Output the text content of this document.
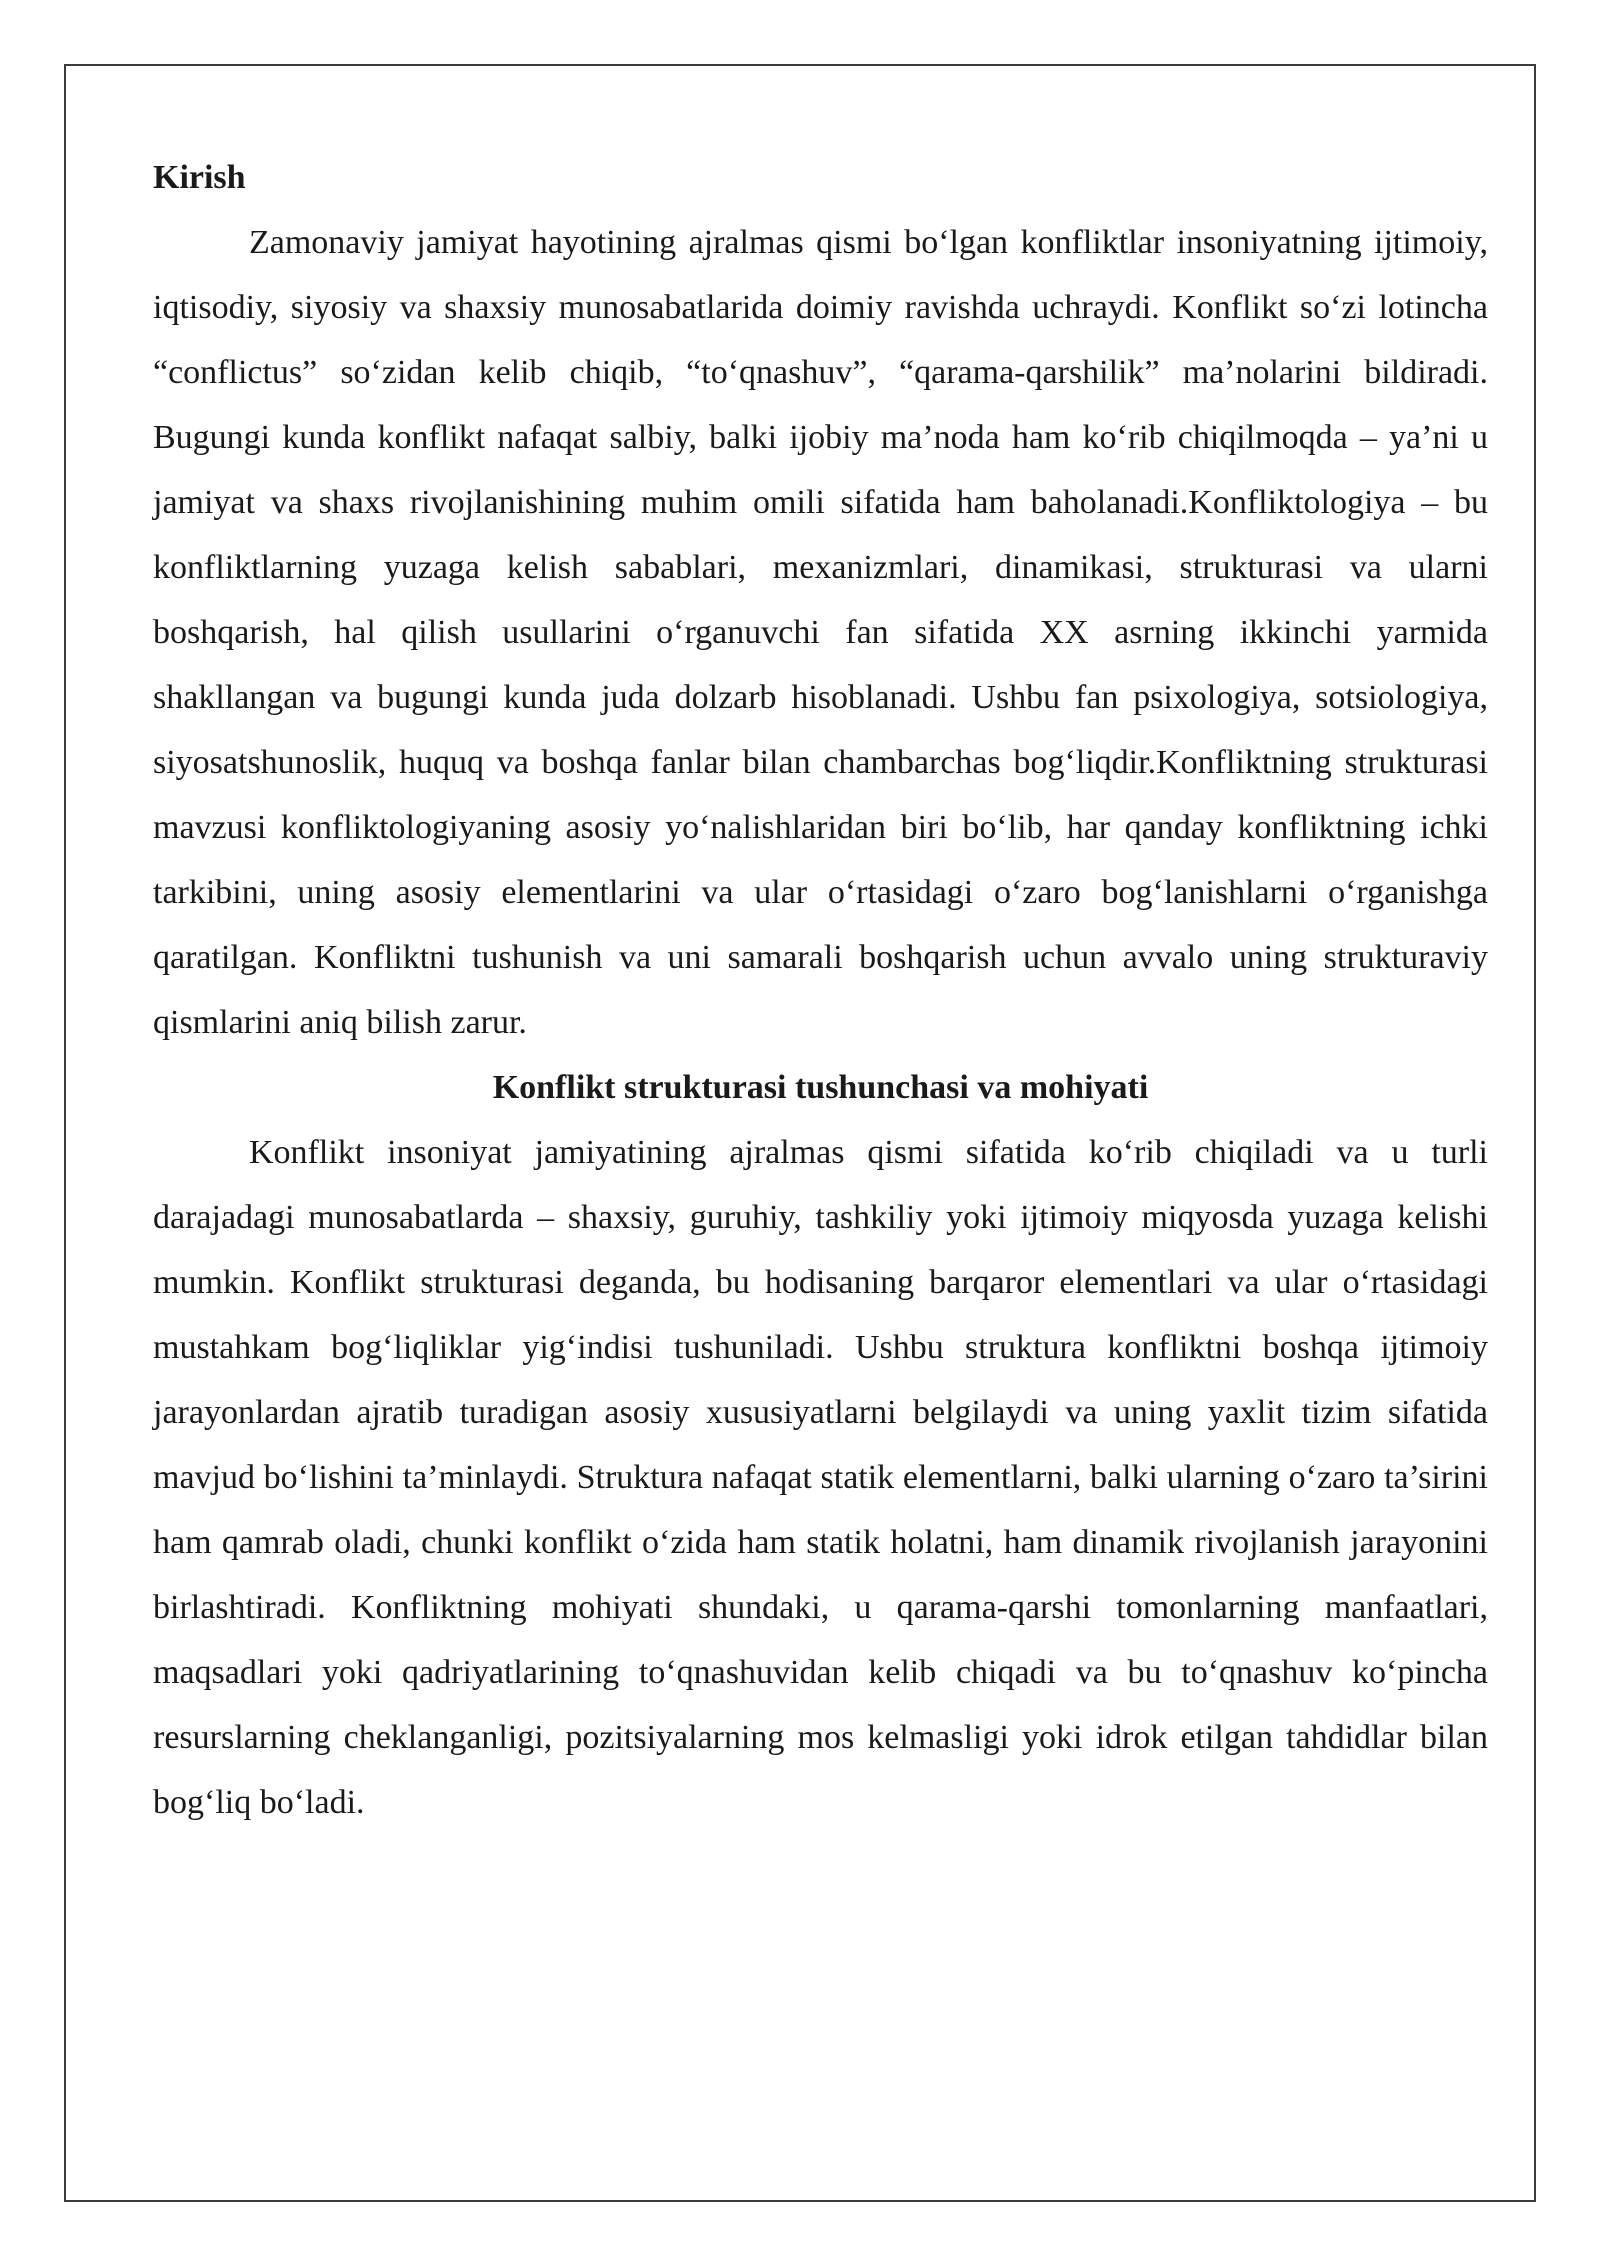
Kirish

Zamonaviy jamiyat hayotining ajralmas qismi bo‘lgan konfliktlar insoniyatning ijtimoiy, iqtisodiy, siyosiy va shaxsiy munosabatlarida doimiy ravishda uchraydi. Konflikt so‘zi lotincha “conflictus” so‘zidan kelib chiqib, “to‘qnashuv”, “qarama-qarshilik” ma’nolarini bildiradi. Bugungi kunda konflikt nafaqat salbiy, balki ijobiy ma’noda ham ko‘rib chiqilmoqda – ya’ni u jamiyat va shaxs rivojlanishining muhim omili sifatida ham baholanadi.Konfliktologiya – bu konfliktlarning yuzaga kelish sabablari, mexanizmlari, dinamikasi, strukturasi va ularni boshqarish, hal qilish usullarini o‘rganuvchi fan sifatida XX asrning ikkinchi yarmida shakllangan va bugungi kunda juda dolzarb hisoblanadi. Ushbu fan psixologiya, sotsiologiya, siyosatshunoslik, huquq va boshqa fanlar bilan chambarchas bog‘liqdir.Konfliktning strukturasi mavzusi konfliktologiyaning asosiy yo‘nalishlaridan biri bo‘lib, har qanday konfliktning ichki tarkibini, uning asosiy elementlarini va ular o‘rtasidagi o‘zaro bog‘lanishlarni o‘rganishga qaratilgan. Konfliktni tushunish va uni samarali boshqarish uchun avvalo uning strukturaviy qismlarini aniq bilish zarur.

Konflikt strukturasi tushunchasi va mohiyati

Konflikt insoniyat jamiyatining ajralmas qismi sifatida ko‘rib chiqiladi va u turli darajadagi munosabatlarda – shaxsiy, guruhiy, tashkiliy yoki ijtimoiy miqyosda yuzaga kelishi mumkin. Konflikt strukturasi deganda, bu hodisaning barqaror elementlari va ular o‘rtasidagi mustahkam bog‘liqliklar yig‘indisi tushuniladi. Ushbu struktura konfliktni boshqa ijtimoiy jarayonlardan ajratib turadigan asosiy xususiyatlarni belgilaydi va uning yaxlit tizim sifatida mavjud bo‘lishini ta’minlaydi. Struktura nafaqat statik elementlarni, balki ularning o‘zaro ta’sirini ham qamrab oladi, chunki konflikt o‘zida ham statik holatni, ham dinamik rivojlanish jarayonini birlashtiradi. Konfliktning mohiyati shundaki, u qarama-qarshi tomonlarning manfaatlari, maqsadlari yoki qadriyatlarining to‘qnashuvidan kelib chiqadi va bu to‘qnashuv ko‘pincha resurslarning cheklanganligi, pozitsiyalarning mos kelmasligi yoki idrok etilgan tahdidlar bilan bog‘liq bo‘ladi.
